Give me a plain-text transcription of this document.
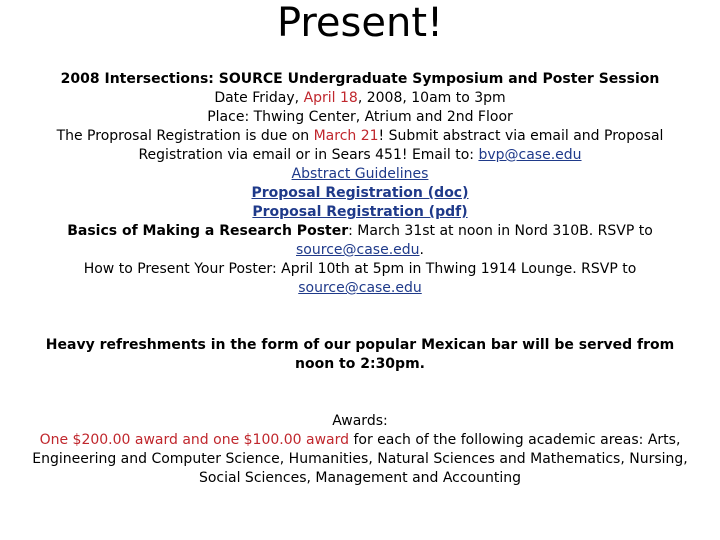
Present!

2008 Intersections: SOURCE Undergraduate Symposium and Poster Session

Date Friday, April 18, 2008, 10am to 3pm

Place: Thwing Center, Atrium and 2nd Floor

The Proprosal Registration is due on March 21! Submit abstract via email and Proposal Registration via email or in Sears 451! Email to: bvp@case.edu

Abstract Guidelines

Proposal Registration (doc)

Proposal Registration (pdf)

Basics of Making a Research Poster: March 31st at noon in Nord 310B. RSVP to source@case.edu.

How to Present Your Poster: April 10th at 5pm in Thwing 1914 Lounge. RSVP to source@case.edu

Heavy refreshments in the form of our popular Mexican bar will be served from noon to 2:30pm.

Awards:

One $200.00 award and one $100.00 award for each of the following academic areas: Arts, Engineering and Computer Science, Humanities, Natural Sciences and Mathematics, Nursing, Social Sciences, Management and Accounting
